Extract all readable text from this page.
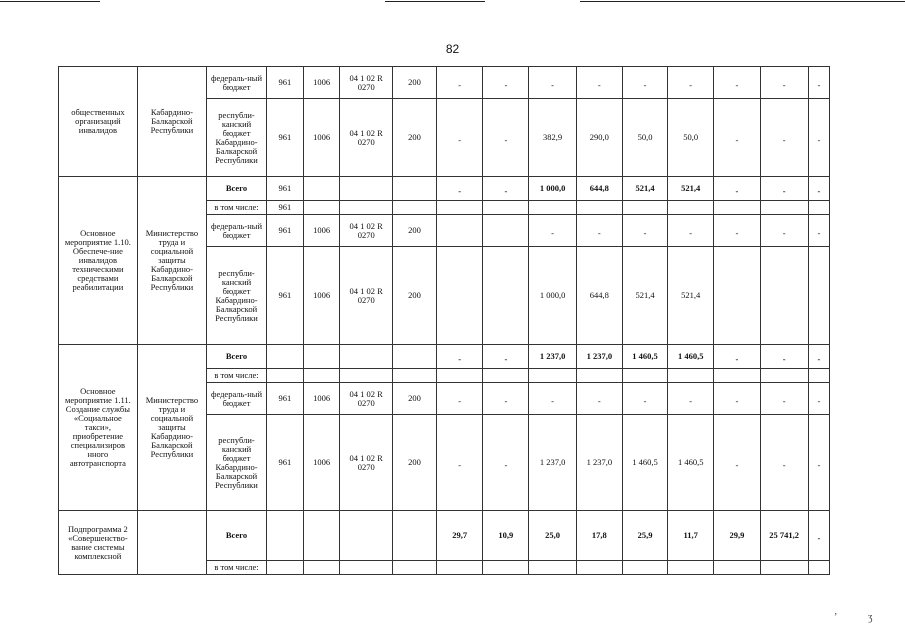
82
общественных организаций инвалидов	Кабардино-Балкарской Республики	федераль-ный бюджет	961	1006	04 1 02 R 0270	200	-	-	-	-	-	-	-	-	-
		республи-канский бюджет Кабардино-Балкарской Республики	961	1006	04 1 02 R 0270	200	-	-	382,9	290,0	50,0	50,0	-	-	-
Основное мероприятие 1.10. Обеспече-ние инвалидов техническими средствами реабилитации	Министерство труда и социальной защиты Кабардино-Балкарской Республики	Всего	961				-	-	1 000,0	644,8	521,4	521,4	-	-	-
		в том числе:	961												
		федераль-ный бюджет	961	1006	04 1 02 R 0270	200			-	-	-	-	-	-	-
		республи-канский бюджет Кабардино-Балкарской Республики	961	1006	04 1 02 R 0270	200			1 000,0	644,8	521,4	521,4			
Основное мероприятие 1.11. Создание службы «Социальное такси», приобретение специализиров нного автотранспорта	Министерство труда и социальной защиты Кабардино-Балкарской Республики	Всего					-	-	1 237,0	1 237,0	1 460,5	1 460,5	-	-	-
		в том числе:													
		федераль-ный бюджет	961	1006	04 1 02 R 0270	200	-	-	-	-	-	-	-	-	-
		республи-канский бюджет Кабардино-Балкарской Республики	961	1006	04 1 02 R 0270	200	-	-	1 237,0	1 237,0	1 460,5	1 460,5	-	-	-
Подпрограмма 2 «Совершенство-вание системы комплексной		Всего					29,7	10,9	25,0	17,8	25,9	11,7	29,9	25 741,2	-
		в том числе:													
’	ʒ
